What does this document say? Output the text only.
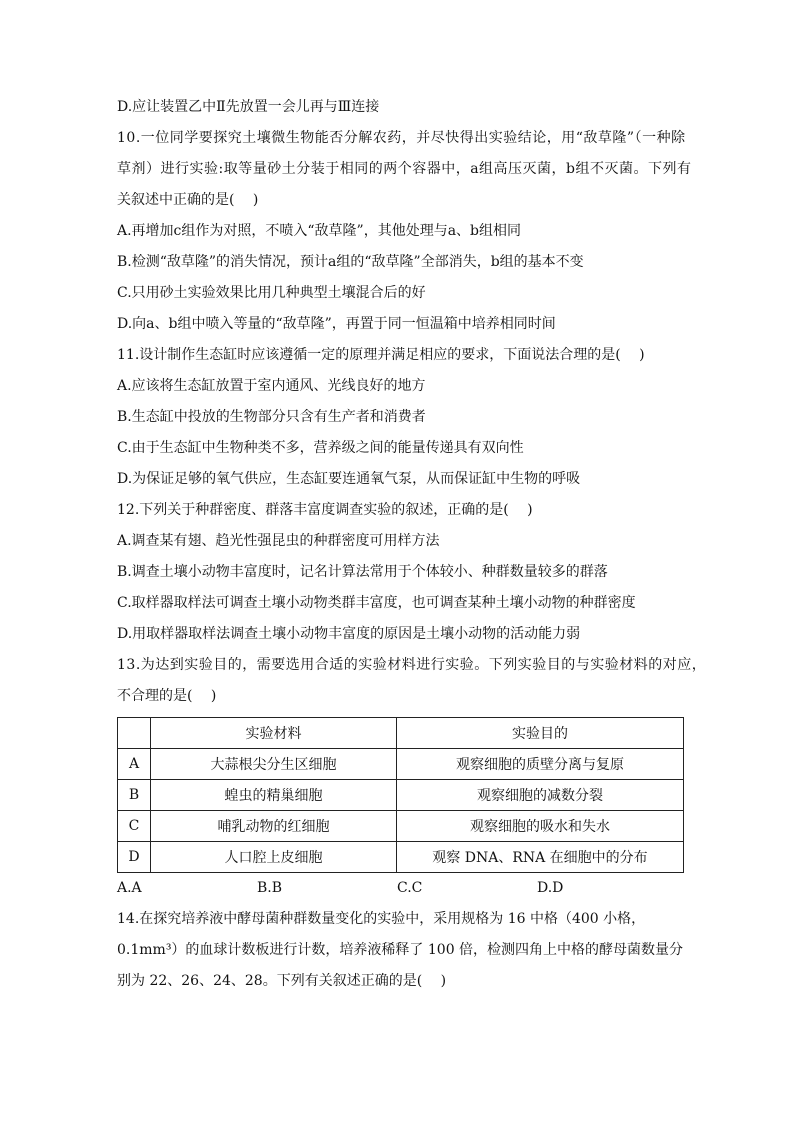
D.应让装置乙中Ⅱ先放置一会儿再与Ⅲ连接
10.一位同学要探究土壤微生物能否分解农药，并尽快得出实验结论，用“敌草隆”（一种除
草剂）进行实验:取等量砂土分装于相同的两个容器中，a组高压灭菌，b组不灭菌。下列有
关叙述中正确的是(　 )
A.再增加c组作为对照，不喷入“敌草隆”，其他处理与a、b组相同
B.检测“敌草隆”的消失情况，预计a组的“敌草隆”全部消失，b组的基本不变
C.只用砂土实验效果比用几种典型土壤混合后的好
D.向a、b组中喷入等量的“敌草隆”，再置于同一恒温箱中培养相同时间
11.设计制作生态缸时应该遵循一定的原理并满足相应的要求，下面说法合理的是(　 )
A.应该将生态缸放置于室内通风、光线良好的地方
B.生态缸中投放的生物部分只含有生产者和消费者
C.由于生态缸中生物种类不多，营养级之间的能量传递具有双向性
D.为保证足够的氧气供应，生态缸要连通氧气泵，从而保证缸中生物的呼吸
12.下列关于种群密度、群落丰富度调查实验的叙述，正确的是(　 )
A.调查某有翅、趋光性强昆虫的种群密度可用样方法
B.调查土壤小动物丰富度时，记名计算法常用于个体较小、种群数量较多的群落
C.取样器取样法可调查土壤小动物类群丰富度，也可调查某种土壤小动物的种群密度
D.用取样器取样法调查土壤小动物丰富度的原因是土壤小动物的活动能力弱
13.为达到实验目的，需要选用合适的实验材料进行实验。下列实验目的与实验材料的对应，
不合理的是(　 )
	实验材料	实验目的
A	大蒜根尖分生区细胞	观察细胞的质壁分离与复原
B	蝗虫的精巢细胞	观察细胞的减数分裂
C	哺乳动物的红细胞	观察细胞的吸水和失水
D	人口腔上皮细胞	观察 DNA、RNA 在细胞中的分布
A.A	B.B	C.C	D.D
14.在探究培养液中酵母菌种群数量变化的实验中，采用规格为 16 中格（400 小格，
0.1mm³）的血球计数板进行计数，培养液稀释了 100 倍，检测四角上中格的酵母菌数量分
别为 22、26、24、28。下列有关叙述正确的是(　 )
